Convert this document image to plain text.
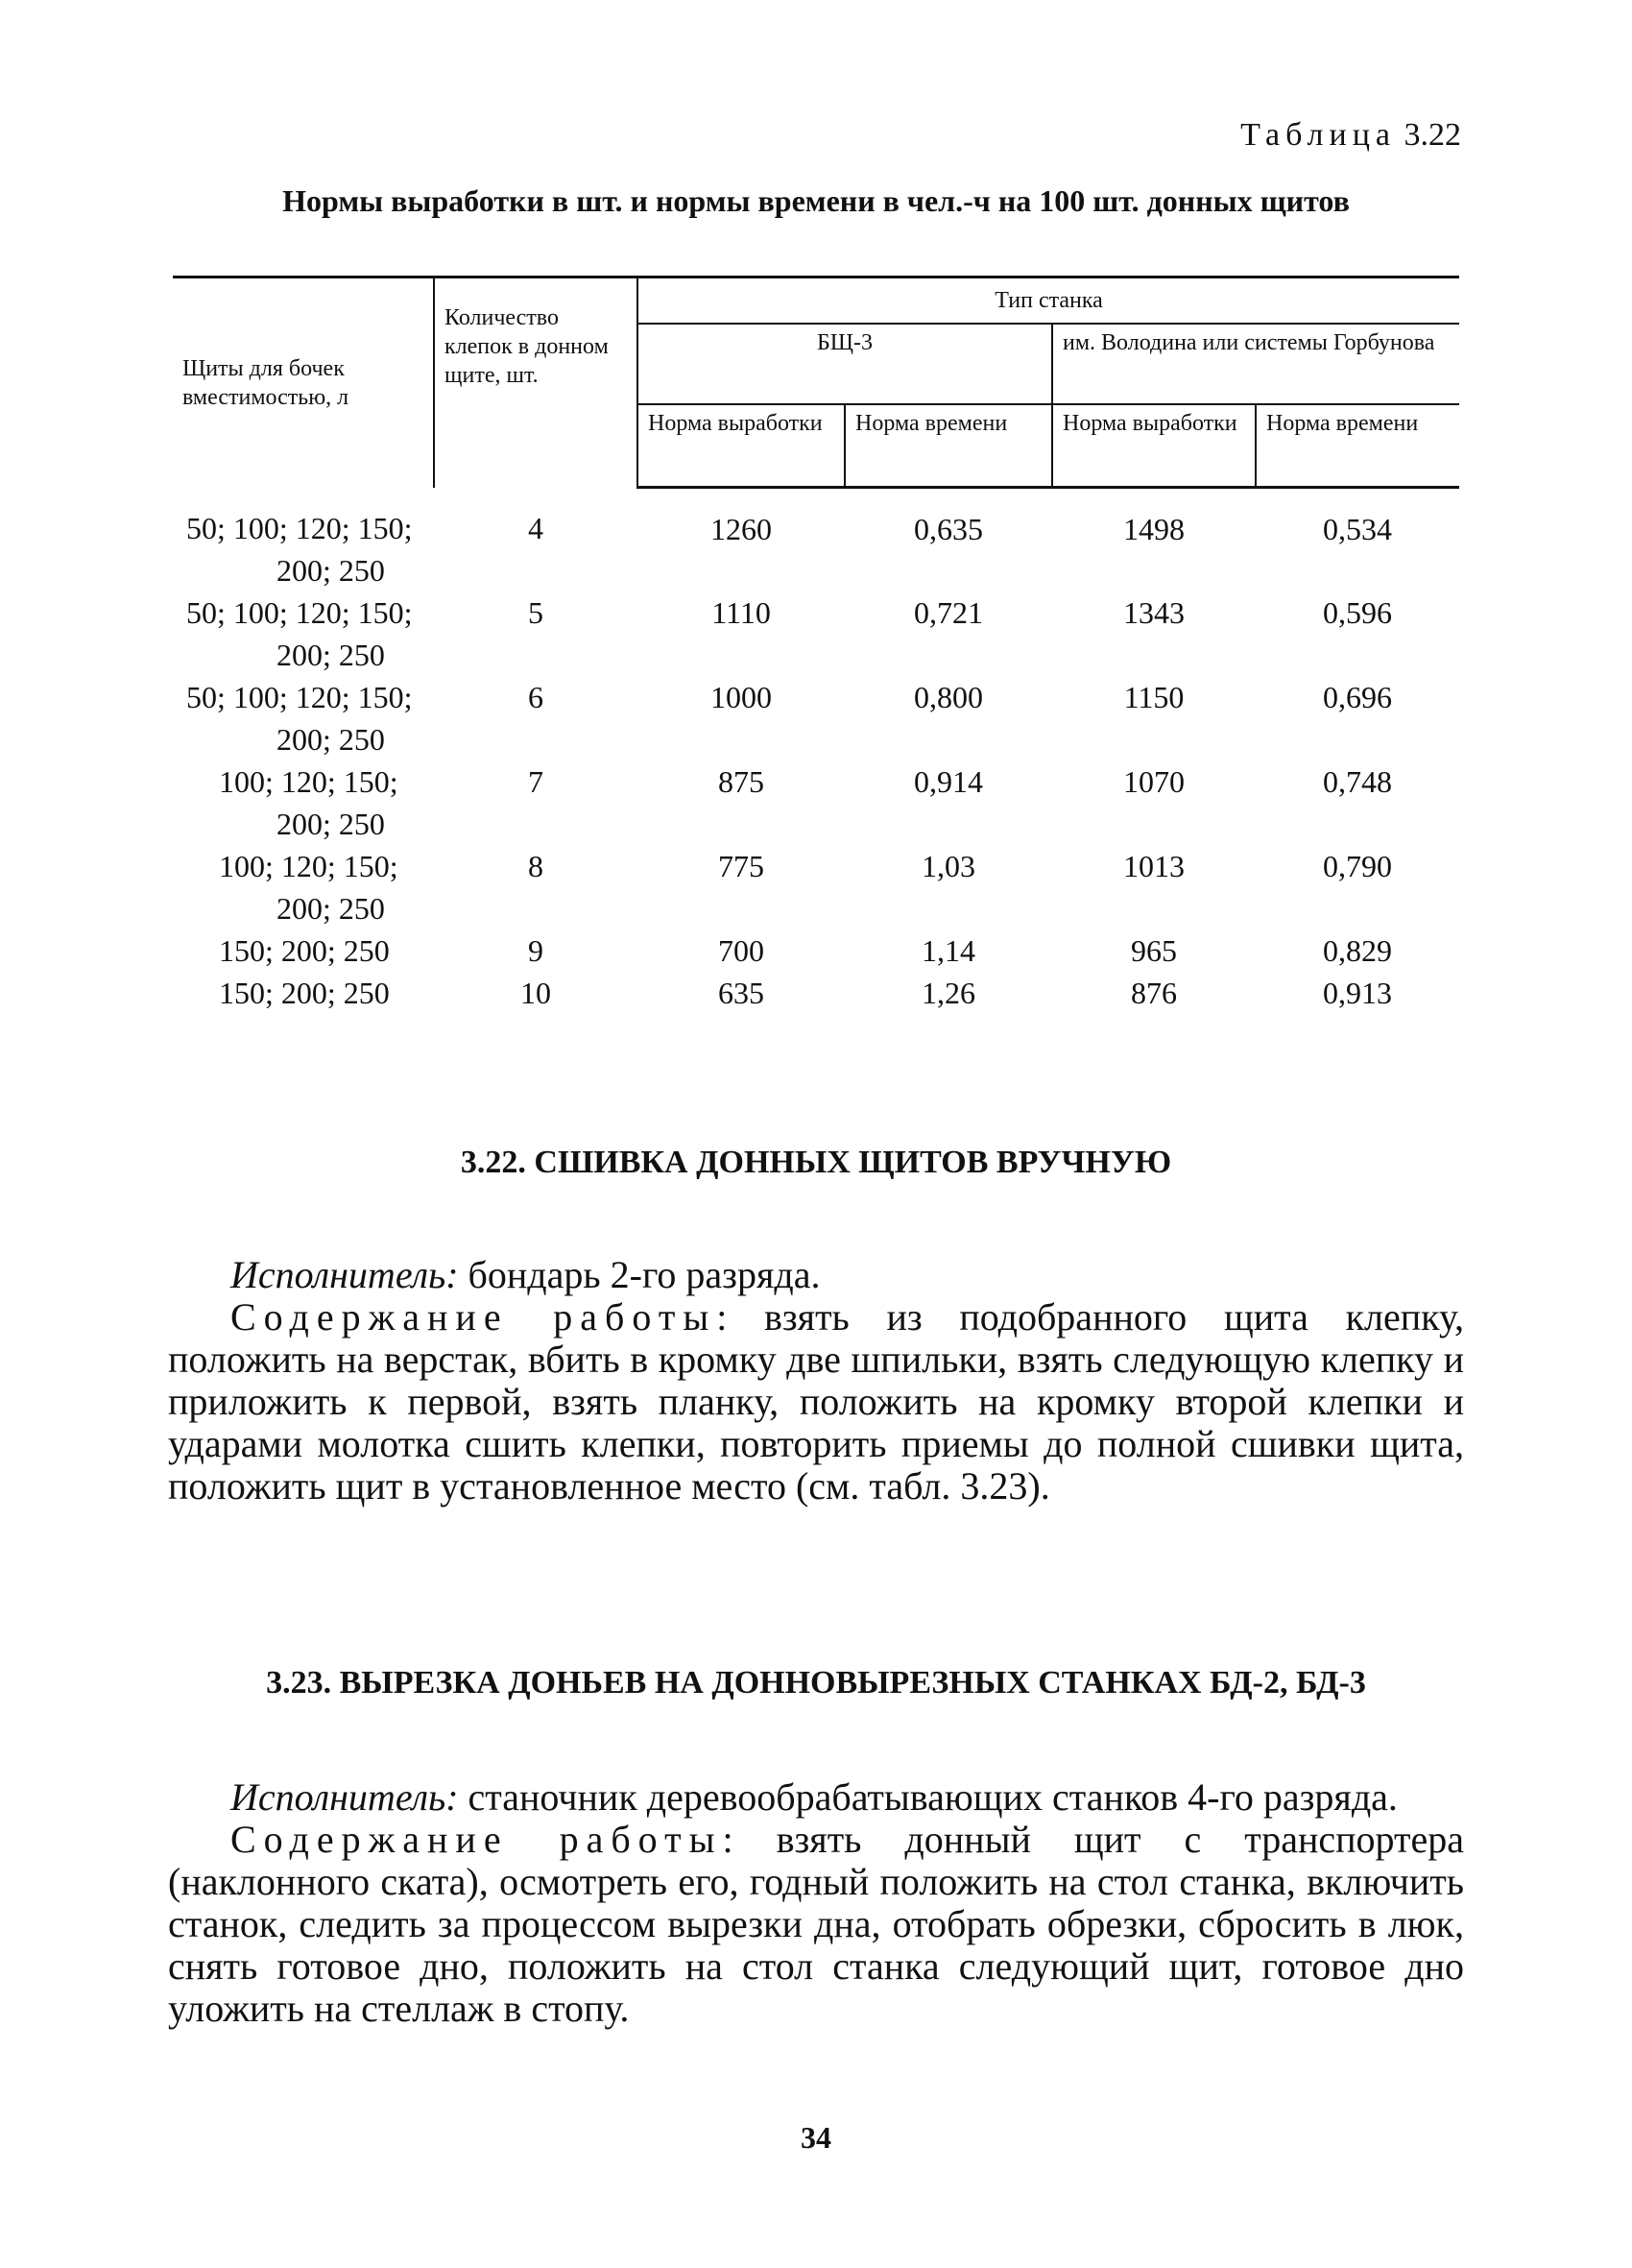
Таблица 3.22
Нормы выработки в шт. и нормы времени в чел.-ч на 100 шт. донных щитов
Щиты для бочек вместимостью, л	Количество клепок в донном щите, шт.	Тип станка			
		БЩ-3		им. Володина или системы Горбунова	
		Норма выработки	Норма времени	Норма выработки	Норма времени
50; 100; 120; 150;
200; 250	4	1260	0,635	1498	0,534
50; 100; 120; 150;
200; 250	5	1110	0,721	1343	0,596
50; 100; 120; 150;
200; 250	6	1000	0,800	1150	0,696

100; 120; 150;
200; 250	7	875	0,914	1070	0,748

100; 120; 150;
200; 250	8	775	1,03	1013	0,790

150; 200; 250	9	700	1,14	965	0,829

150; 200; 250	10	635	1,26	876	0,913
3.22. СШИВКА ДОННЫХ ЩИТОВ ВРУЧНУЮ

Исполнитель: бондарь 2-го разряда.

Содержание работы: взять из подобранного щита клепку, положить на верстак, вбить в кромку две шпильки, взять следующую клепку и приложить к первой, взять планку, положить на кромку второй клепки и ударами молотка сшить клепки, повторить приемы до полной сшивки щита, положить щит в установленное место (см. табл. 3.23).

3.23. ВЫРЕЗКА ДОНЬЕВ НА ДОННОВЫРЕЗНЫХ СТАНКАХ БД-2, БД-3

Исполнитель: станочник деревообрабатывающих станков 4-го разряда.

Содержание работы: взять донный щит с транспортера (наклонного ската), осмотреть его, годный положить на стол станка, включить станок, следить за процессом вырезки дна, отобрать обрезки, сбросить в люк, снять готовое дно, положить на стол станка следующий щит, готовое дно уложить на стеллаж в стопу.

34
